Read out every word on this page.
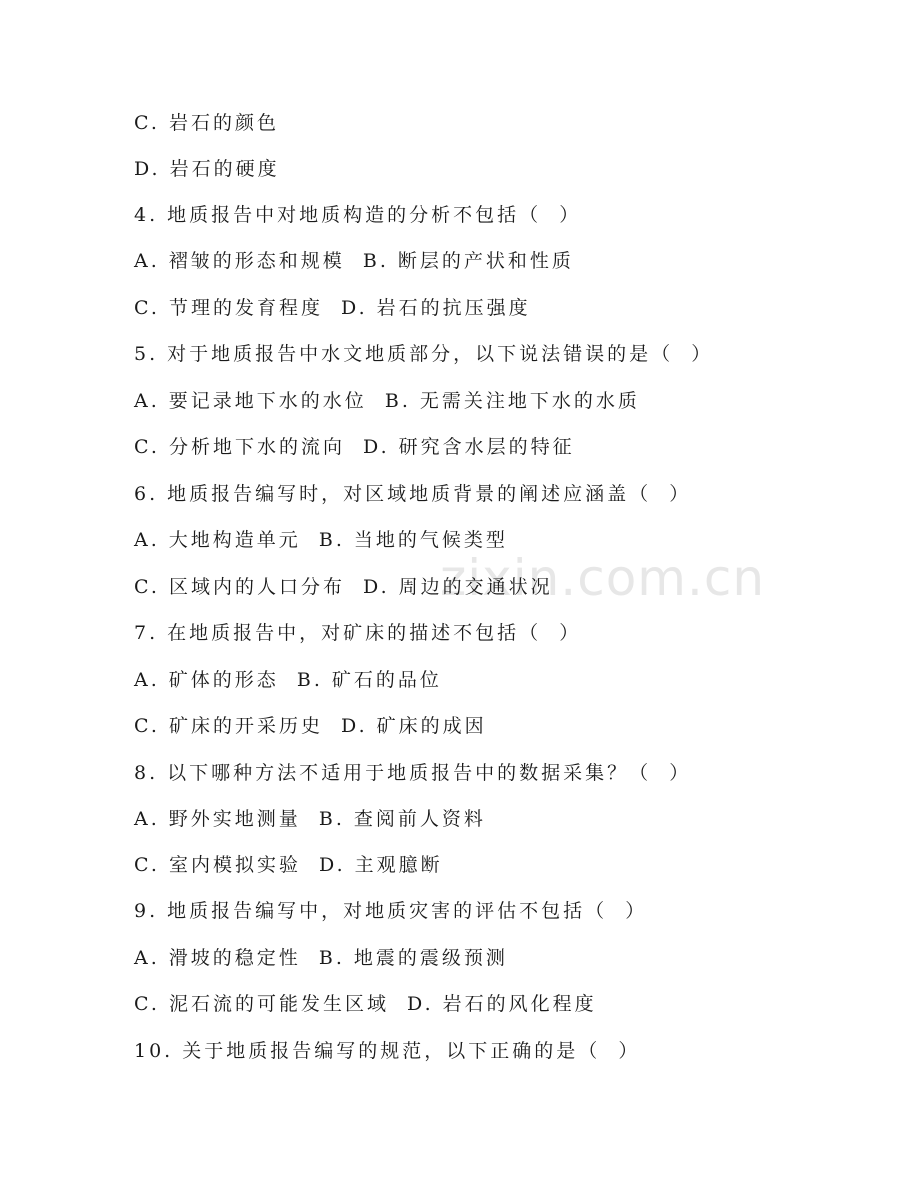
zixin.com.cn
C. 岩石的颜色
D. 岩石的硬度
4. 地质报告中对地质构造的分析不包括（  ）
A. 褶皱的形态和规模  B. 断层的产状和性质
C. 节理的发育程度  D. 岩石的抗压强度
5. 对于地质报告中水文地质部分，以下说法错误的是（  ）
A. 要记录地下水的水位  B. 无需关注地下水的水质
C. 分析地下水的流向  D. 研究含水层的特征
6. 地质报告编写时，对区域地质背景的阐述应涵盖（  ）
A. 大地构造单元  B. 当地的气候类型
C. 区域内的人口分布  D. 周边的交通状况
7. 在地质报告中，对矿床的描述不包括（  ）
A. 矿体的形态  B. 矿石的品位
C. 矿床的开采历史  D. 矿床的成因
8. 以下哪种方法不适用于地质报告中的数据采集？（  ）
A. 野外实地测量  B. 查阅前人资料
C. 室内模拟实验  D. 主观臆断
9. 地质报告编写中，对地质灾害的评估不包括（  ）
A. 滑坡的稳定性  B. 地震的震级预测
C. 泥石流的可能发生区域  D. 岩石的风化程度
10. 关于地质报告编写的规范，以下正确的是（  ）
